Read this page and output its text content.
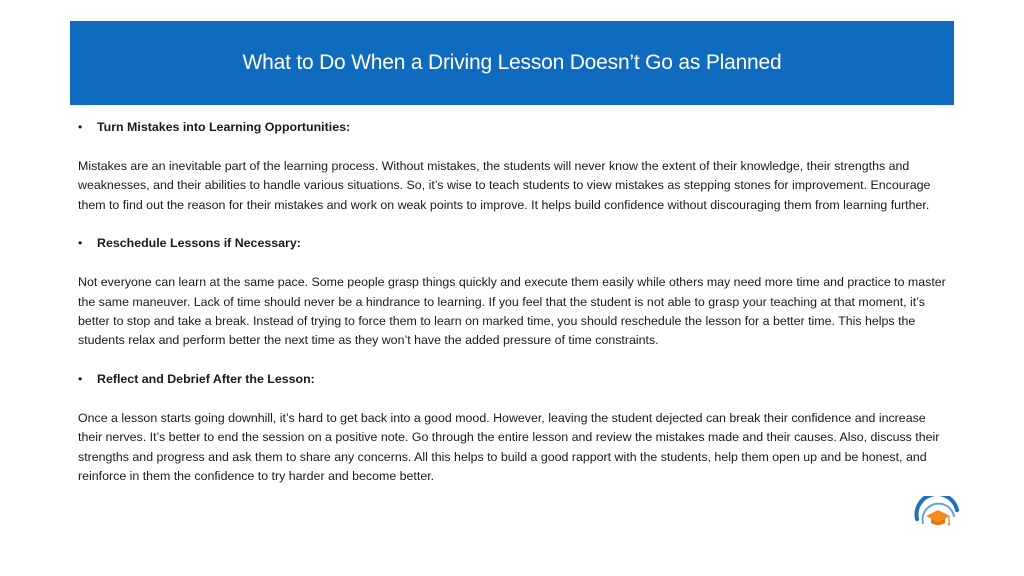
What to Do When a Driving Lesson Doesn’t Go as Planned
•	Turn Mistakes into Learning Opportunities:

Mistakes are an inevitable part of the learning process. Without mistakes, the students will never know the extent of their knowledge, their strengths and weaknesses, and their abilities to handle various situations. So, it’s wise to teach students to view mistakes as stepping stones for improvement. Encourage them to find out the reason for their mistakes and work on weak points to improve. It helps build confidence without discouraging them from learning further.

•	Reschedule Lessons if Necessary:

Not everyone can learn at the same pace. Some people grasp things quickly and execute them easily while others may need more time and practice to master the same maneuver. Lack of time should never be a hindrance to learning. If you feel that the student is not able to grasp your teaching at that moment, it’s better to stop and take a break. Instead of trying to force them to learn on marked time, you should reschedule the lesson for a better time. This helps the students relax and perform better the next time as they won’t have the added pressure of time constraints.

•	Reflect and Debrief After the Lesson:

Once a lesson starts going downhill, it’s hard to get back into a good mood. However, leaving the student dejected can break their confidence and increase their nerves. It’s better to end the session on a positive note. Go through the entire lesson and review the mistakes made and their causes. Also, discuss their strengths and progress and ask them to share any concerns. All this helps to build a good rapport with the students, help them open up and be honest, and reinforce in them the confidence to try harder and become better.
